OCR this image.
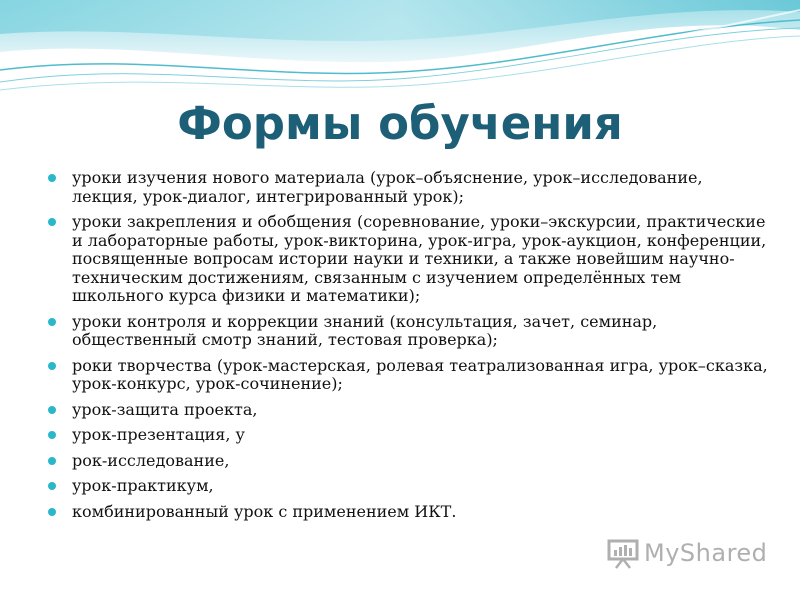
Формы обучения
уроки изучения нового материала (урок–объяснение, урок–исследование, лекция, урок-диалог, интегрированный урок);
уроки закрепления и обобщения (соревнование, уроки–экскурсии, практические и лабораторные работы, урок-викторина, урок-игра, урок-аукцион, конференции, посвященные вопросам истории науки и техники, а также новейшим научно-техническим достижениям, связанным с изучением определённых тем школьного курса физики и математики);
уроки контроля и коррекции знаний (консультация, зачет, семинар, общественный смотр знаний, тестовая проверка);
роки творчества (урок-мастерская, ролевая театрализованная игра, урок–сказка, урок-конкурс, урок-сочинение);
урок-защита проекта,
урок-презентация, у
рок-исследование,
урок-практикум,
комбинированный урок с применением ИКТ.
MyShared
